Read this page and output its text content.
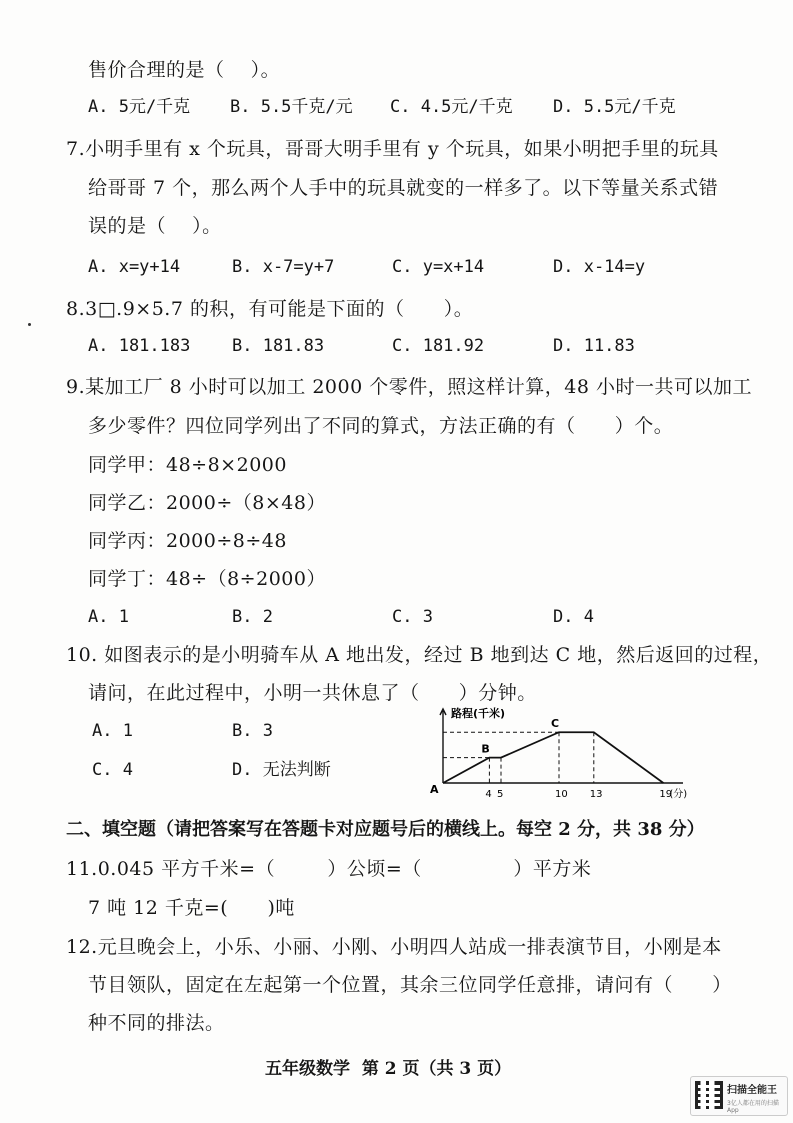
售价合理的是（    ）。
A. 5元/千克 B. 5.5千克/元 C. 4.5元/千克 D. 5.5元/千克
7.小明手里有 x 个玩具，哥哥大明手里有 y 个玩具，如果小明把手里的玩具
给哥哥 7 个，那么两个人手中的玩具就变的一样多了。以下等量关系式错
误的是（    ）。
A. x=y+14	B. x-7=y+7	C. y=x+14	D. x-14=y
8.3□.9×5.7 的积，有可能是下面的（      ）。
A. 181.183 B. 181.83	C. 181.92	D. 11.83
9.某加工厂 8 小时可以加工 2000 个零件，照这样计算，48 小时一共可以加工
多少零件？四位同学列出了不同的算式，方法正确的有（      ）个。
同学甲：48÷8×2000
同学乙：2000÷（8×48）
同学丙：2000÷8÷48
同学丁：48÷（8÷2000）
A. 1	B. 2	C. 3	D. 4
10. 如图表示的是小明骑车从 A 地出发，经过 B 地到达 C 地，然后返回的过程，
请问，在此过程中，小明一共休息了（      ）分钟。
A. 1	B. 3
C. 4	D. 无法判断
路程(千米)
A
B
C
4 5	10 13	19
(分)
二、填空题（请把答案写在答题卡对应题号后的横线上。每空 2 分，共 38 分）
11.0.045 平方千米=（        ）公顷=（              ）平方米
7 吨 12 千克=(      )吨
12.元旦晚会上，小乐、小丽、小刚、小明四人站成一排表演节目，小刚是本
节目领队，固定在左起第一个位置，其余三位同学任意排，请问有（      ）
种不同的排法。
五年级数学  第 2 页（共 3 页）
扫描全能王
3亿人都在用的扫描App
